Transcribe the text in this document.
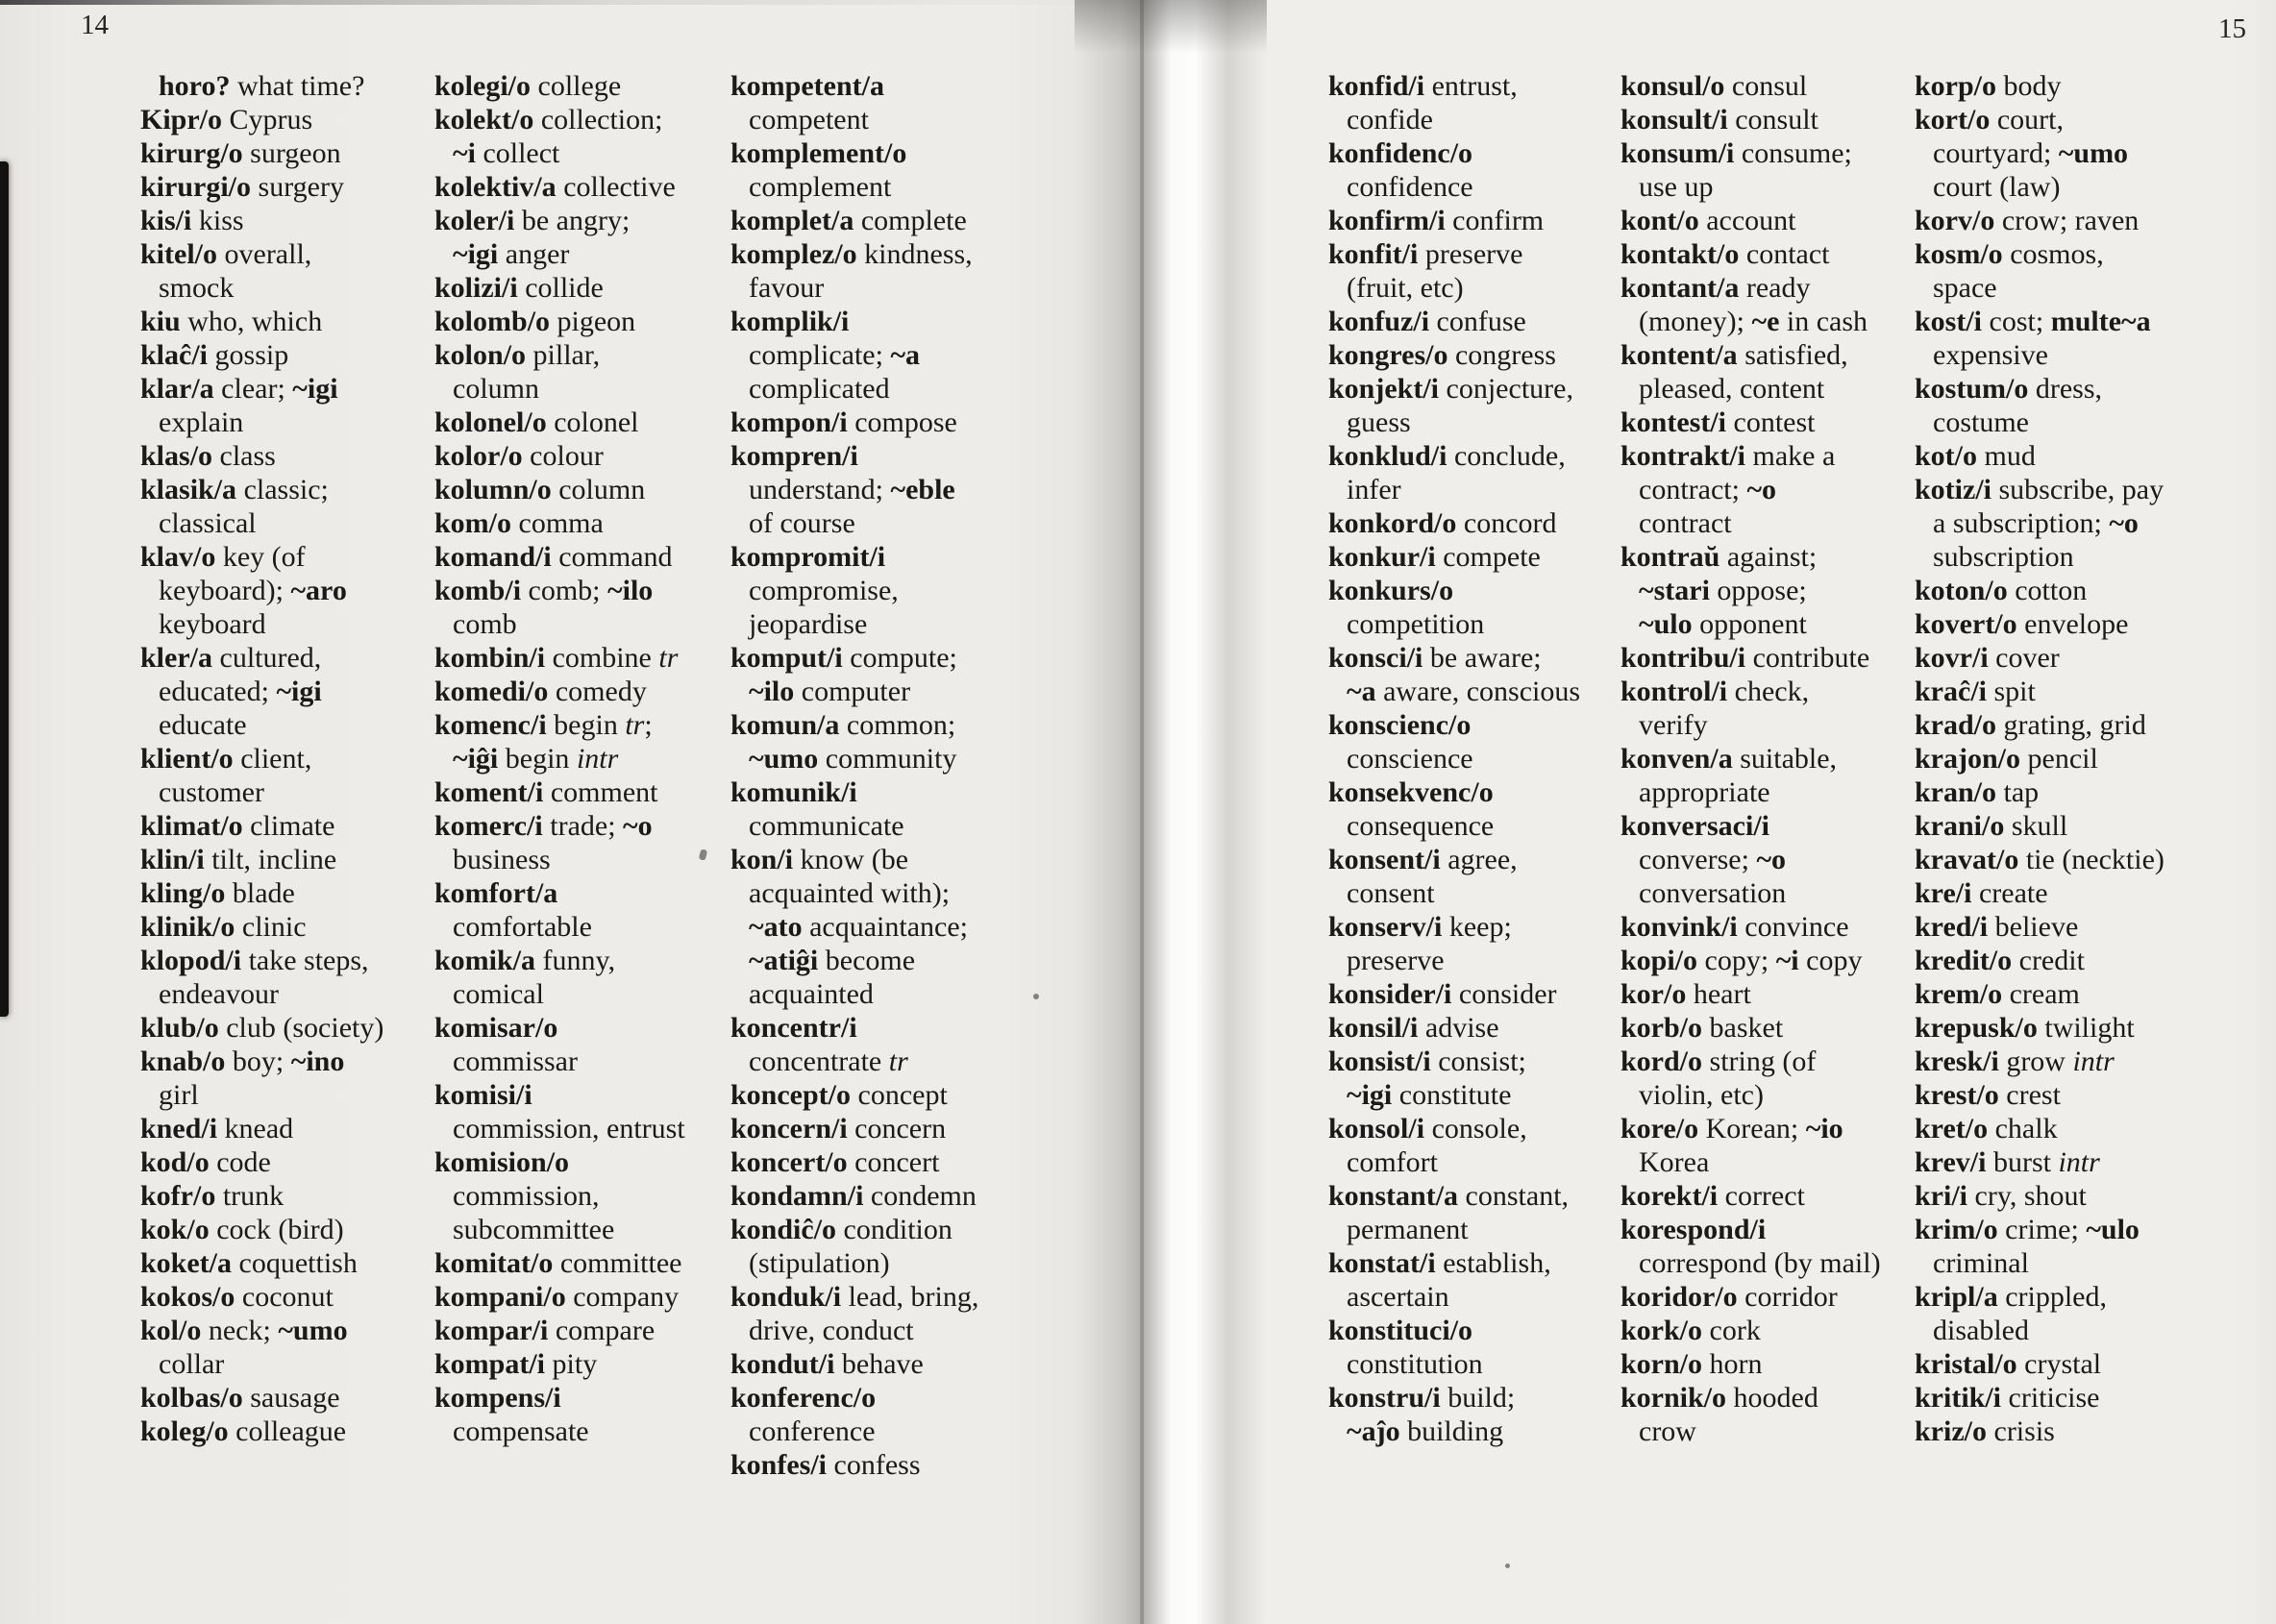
14	15
horo? what time?
Kipr/o Cyprus
kirurg/o surgeon
kirurgi/o surgery
kis/i kiss
kitel/o overall,
smock
kiu who, which
klaĉ/i gossip
klar/a clear; ~igi
explain
klas/o class
klasik/a classic;
classical
klav/o key (of
keyboard); ~aro
keyboard
kler/a cultured,
educated; ~igi
educate
klient/o client,
customer
klimat/o climate
klin/i tilt, incline
kling/o blade
klinik/o clinic
klopod/i take steps,
endeavour
klub/o club (society)
knab/o boy; ~ino
girl
kned/i knead
kod/o code
kofr/o trunk
kok/o cock (bird)
koket/a coquettish
kokos/o coconut
kol/o neck; ~umo
collar
kolbas/o sausage
koleg/o colleague
kolegi/o college
kolekt/o collection;
~i collect
kolektiv/a collective
koler/i be angry;
~igi anger
kolizi/i collide
kolomb/o pigeon
kolon/o pillar,
column
kolonel/o colonel
kolor/o colour
kolumn/o column
kom/o comma
komand/i command
komb/i comb; ~ilo
comb
kombin/i combine tr
komedi/o comedy
komenc/i begin tr;
~iĝi begin intr
koment/i comment
komerc/i trade; ~o
business
komfort/a
comfortable
komik/a funny,
comical
komisar/o
commissar
komisi/i
commission, entrust
komision/o
commission,
subcommittee
komitat/o committee
kompani/o company
kompar/i compare
kompat/i pity
kompens/i
compensate
kompetent/a
competent
komplement/o
complement
komplet/a complete
komplez/o kindness,
favour
komplik/i
complicate; ~a
complicated
kompon/i compose
kompren/i
understand; ~eble
of course
kompromit/i
compromise,
jeopardise
komput/i compute;
~ilo computer
komun/a common;
~umo community
komunik/i
communicate
kon/i know (be
acquainted with);
~ato acquaintance;
~atiĝi become
acquainted
koncentr/i
concentrate tr
koncept/o concept
koncern/i concern
koncert/o concert
kondamn/i condemn
kondiĉ/o condition
(stipulation)
konduk/i lead, bring,
drive, conduct
kondut/i behave
konferenc/o
conference
konfes/i confess
konfid/i entrust,
confide
konfidenc/o
confidence
konfirm/i confirm
konfit/i preserve
(fruit, etc)
konfuz/i confuse
kongres/o congress
konjekt/i conjecture,
guess
konklud/i conclude,
infer
konkord/o concord
konkur/i compete
konkurs/o
competition
konsci/i be aware;
~a aware, conscious
konscienc/o
conscience
konsekvenc/o
consequence
konsent/i agree,
consent
konserv/i keep;
preserve
konsider/i consider
konsil/i advise
konsist/i consist;
~igi constitute
konsol/i console,
comfort
konstant/a constant,
permanent
konstat/i establish,
ascertain
konstituci/o
constitution
konstru/i build;
~aĵo building
konsul/o consul
konsult/i consult
konsum/i consume;
use up
kont/o account
kontakt/o contact
kontant/a ready
(money); ~e in cash
kontent/a satisfied,
pleased, content
kontest/i contest
kontrakt/i make a
contract; ~o
contract
kontraŭ against;
~stari oppose;
~ulo opponent
kontribu/i contribute
kontrol/i check,
verify
konven/a suitable,
appropriate
konversaci/i
converse; ~o
conversation
konvink/i convince
kopi/o copy; ~i copy
kor/o heart
korb/o basket
kord/o string (of
violin, etc)
kore/o Korean; ~io
Korea
korekt/i correct
korespond/i
correspond (by mail)
koridor/o corridor
kork/o cork
korn/o horn
kornik/o hooded
crow
korp/o body
kort/o court,
courtyard; ~umo
court (law)
korv/o crow; raven
kosm/o cosmos,
space
kost/i cost; multe~a
expensive
kostum/o dress,
costume
kot/o mud
kotiz/i subscribe, pay
a subscription; ~o
subscription
koton/o cotton
kovert/o envelope
kovr/i cover
kraĉ/i spit
krad/o grating, grid
krajon/o pencil
kran/o tap
krani/o skull
kravat/o tie (necktie)
kre/i create
kred/i believe
kredit/o credit
krem/o cream
krepusk/o twilight
kresk/i grow intr
krest/o crest
kret/o chalk
krev/i burst intr
kri/i cry, shout
krim/o crime; ~ulo
criminal
kripl/a crippled,
disabled
kristal/o crystal
kritik/i criticise
kriz/o crisis
